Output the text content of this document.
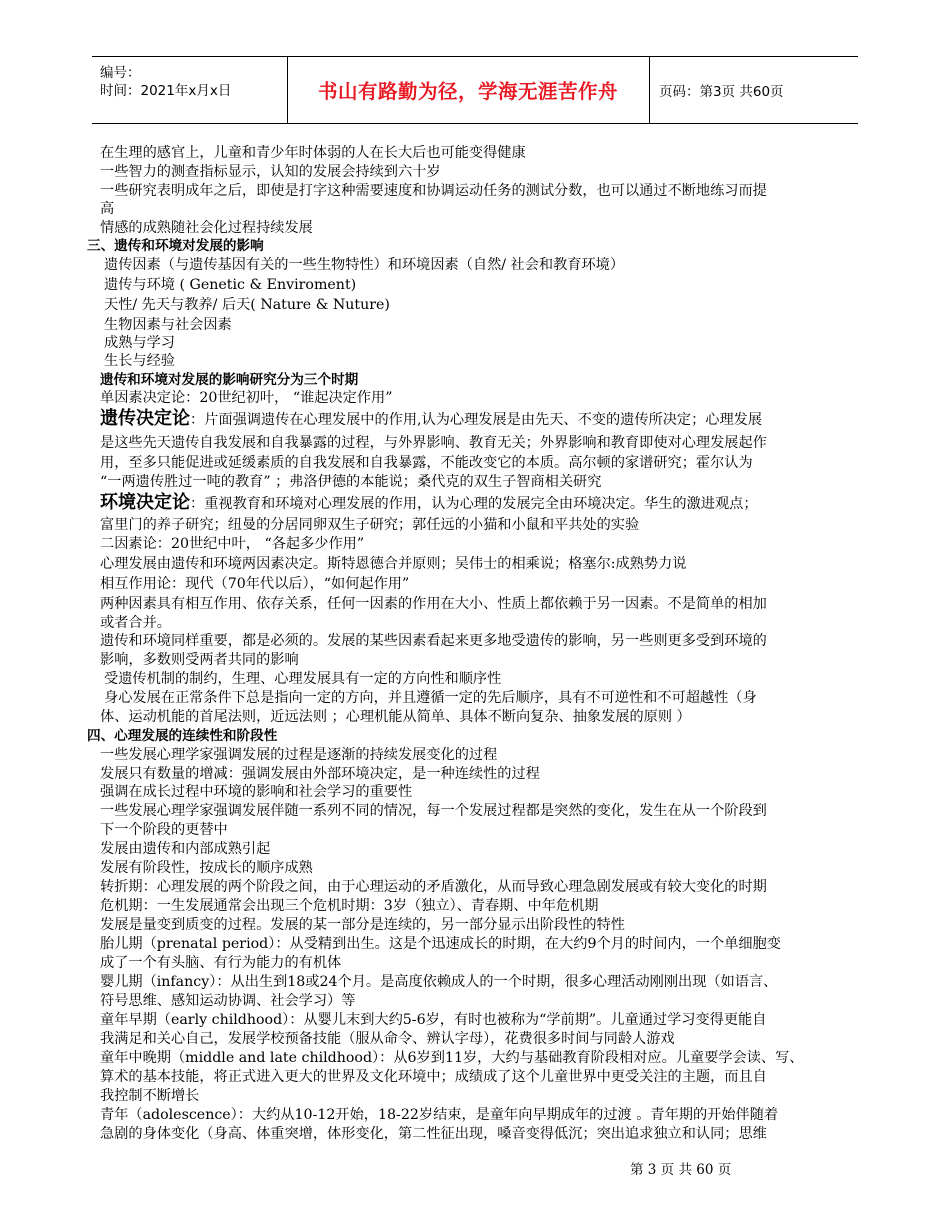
编号：
时间：2021年x月x日	书山有路勤为径，学海无涯苦作舟	页码：第3页 共60页
在生理的感官上，儿童和青少年时体弱的人在长大后也可能变得健康
一些智力的测查指标显示，认知的发展会持续到六十岁
一些研究表明成年之后，即使是打字这种需要速度和协调运动任务的测试分数，也可以通过不断地练习而提
高
情感的成熟随社会化过程持续发展
三、遗传和环境对发展的影响
遗传因素（与遗传基因有关的一些生物特性）和环境因素（自然/ 社会和教育环境）
遗传与环境 ( Genetic & Enviroment)
天性/ 先天与教养/ 后天( Nature & Nuture)
生物因素与社会因素
成熟与学习
生长与经验
遗传和环境对发展的影响研究分为三个时期
单因素决定论：20世纪初叶， “谁起决定作用”
遗传决定论：片面强调遗传在心理发展中的作用,认为心理发展是由先天、不变的遗传所决定；心理发展
是这些先天遗传自我发展和自我暴露的过程，与外界影响、教育无关；外界影响和教育即使对心理发展起作
用，至多只能促进或延缓素质的自我发展和自我暴露，不能改变它的本质。高尔顿的家谱研究；霍尔认为
“一两遗传胜过一吨的教育” ；弗洛伊德的本能说；桑代克的双生子智商相关研究
环境决定论：重视教育和环境对心理发展的作用，认为心理的发展完全由环境决定。华生的激进观点；
富里门的养子研究；纽曼的分居同卵双生子研究；郭任远的小猫和小鼠和平共处的实验
二因素论：20世纪中叶， “各起多少作用”
心理发展由遗传和环境两因素决定。斯特恩德合并原则；吴伟士的相乘说；格塞尔:成熟势力说
相互作用论：现代（70年代以后），“如何起作用”
两种因素具有相互作用、依存关系，任何一因素的作用在大小、性质上都依赖于另一因素。不是简单的相加
或者合并。
遗传和环境同样重要，都是必须的。发展的某些因素看起来更多地受遗传的影响，另一些则更多受到环境的
影响，多数则受两者共同的影响
受遗传机制的制约，生理、心理发展具有一定的方向性和顺序性
身心发展在正常条件下总是指向一定的方向，并且遵循一定的先后顺序，具有不可逆性和不可超越性（身
体、运动机能的首尾法则，近远法则 ；心理机能从简单、具体不断向复杂、抽象发展的原则 ）
四、心理发展的连续性和阶段性
一些发展心理学家强调发展的过程是逐渐的持续发展变化的过程
发展只有数量的增减：强调发展由外部环境决定，是一种连续性的过程
强调在成长过程中环境的影响和社会学习的重要性
一些发展心理学家强调发展伴随一系列不同的情况，每一个发展过程都是突然的变化，发生在从一个阶段到
下一个阶段的更替中
发展由遗传和内部成熟引起
发展有阶段性，按成长的顺序成熟
转折期：心理发展的两个阶段之间，由于心理运动的矛盾激化，从而导致心理急剧发展或有较大变化的时期
危机期：一生发展通常会出现三个危机时期：3岁（独立）、青春期、中年危机期
发展是量变到质变的过程。发展的某一部分是连续的，另一部分显示出阶段性的特性
胎儿期（prenatal period）：从受精到出生。这是个迅速成长的时期，在大约9个月的时间内，一个单细胞变
成了一个有头脑、有行为能力的有机体
婴儿期（infancy）：从出生到18或24个月。是高度依赖成人的一个时期，很多心理活动刚刚出现（如语言、
符号思维、感知运动协调、社会学习）等
童年早期（early childhood）：从婴儿末到大约5-6岁，有时也被称为“学前期”。儿童通过学习变得更能自
我满足和关心自己，发展学校预备技能（服从命令、辨认字母），花费很多时间与同龄人游戏
童年中晚期（middle and late childhood）：从6岁到11岁，大约与基础教育阶段相对应。儿童要学会读、写、
算术的基本技能，将正式进入更大的世界及文化环境中；成绩成了这个儿童世界中更受关注的主题，而且自
我控制不断增长
青年（adolescence）：大约从10-12开始，18-22岁结束，是童年向早期成年的过渡 。青年期的开始伴随着
急剧的身体变化（身高、体重突增，体形变化，第二性征出现，嗓音变得低沉；突出追求独立和认同；思维
第 3 页 共 60 页
